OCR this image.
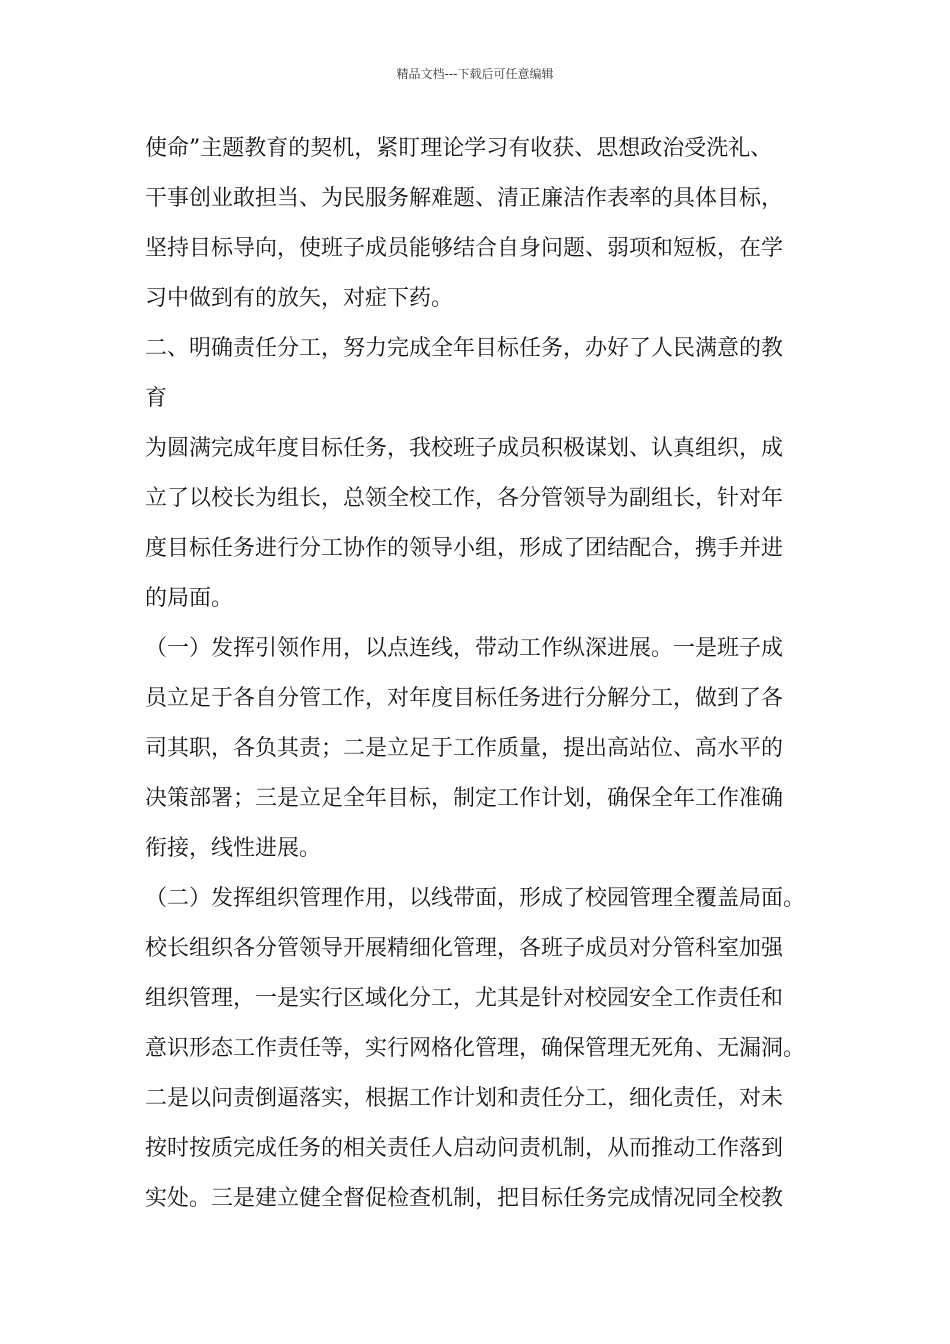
精品文档---下载后可任意编辑
使命”主题教育的契机，紧盯理论学习有收获、思想政治受洗礼、
干事创业敢担当、为民服务解难题、清正廉洁作表率的具体目标，
坚持目标导向，使班子成员能够结合自身问题、弱项和短板，在学
习中做到有的放矢，对症下药。
二、明确责任分工，努力完成全年目标任务，办好了人民满意的教
育
为圆满完成年度目标任务，我校班子成员积极谋划、认真组织，成
立了以校长为组长，总领全校工作，各分管领导为副组长，针对年
度目标任务进行分工协作的领导小组，形成了团结配合，携手并进
的局面。
（一）发挥引领作用，以点连线，带动工作纵深进展。一是班子成
员立足于各自分管工作，对年度目标任务进行分解分工，做到了各
司其职，各负其责；二是立足于工作质量，提出高站位、高水平的
决策部署；三是立足全年目标，制定工作计划，确保全年工作准确
衔接，线性进展。
（二）发挥组织管理作用，以线带面，形成了校园管理全覆盖局面。
校长组织各分管领导开展精细化管理，各班子成员对分管科室加强
组织管理，一是实行区域化分工，尤其是针对校园安全工作责任和
意识形态工作责任等，实行网格化管理，确保管理无死角、无漏洞。
二是以问责倒逼落实，根据工作计划和责任分工，细化责任，对未
按时按质完成任务的相关责任人启动问责机制，从而推动工作落到
实处。三是建立健全督促检查机制，把目标任务完成情况同全校教
